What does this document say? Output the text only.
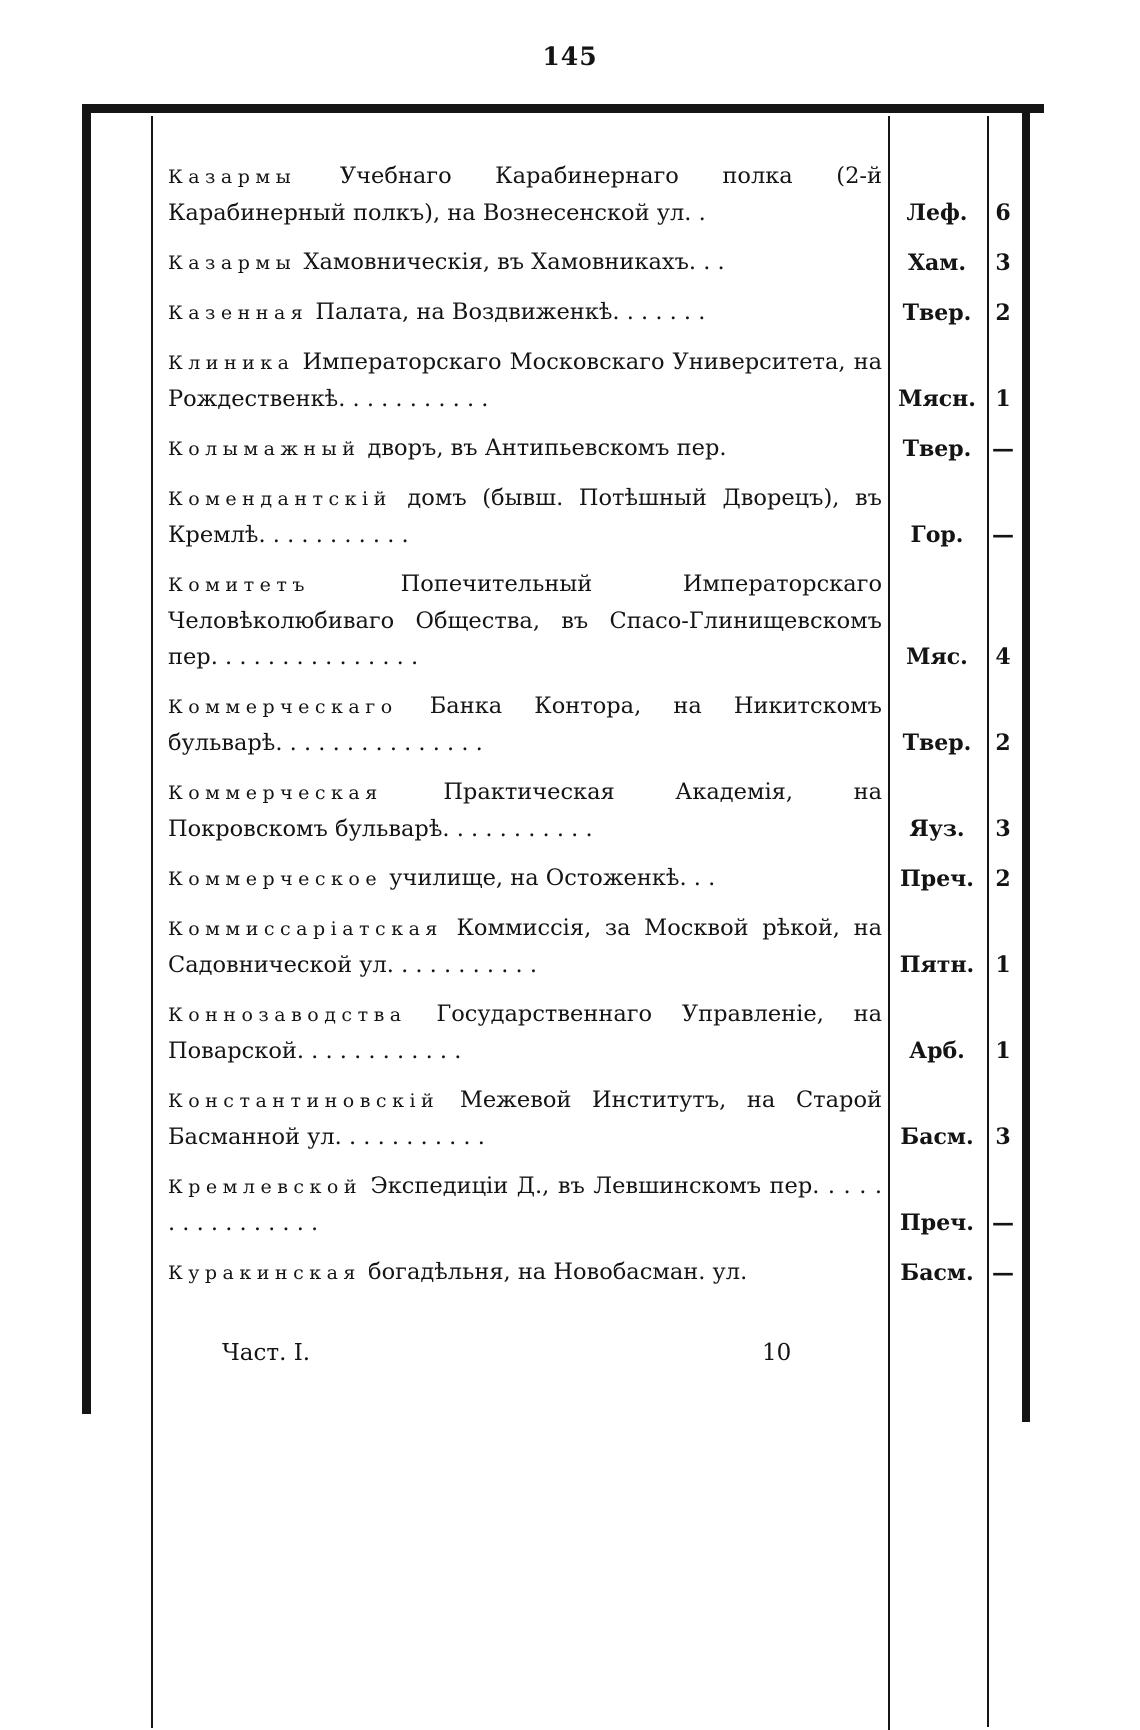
145
Казармы Учебнаго Карабинернаго полка (2-й Карабинерный полкъ), на Вознесенской ул. .	Леф.	6
Казармы Хамовническія, въ Хамовникахъ. . .	Хам.	3
Казенная Палата, на Воздвиженкѣ. . . . . . .	Твер.	2
Клиника Императорскаго Московскаго Университета, на Рождественкѣ. . . . . . . . . . .	Мясн. 1
Колымажный дворъ, въ Антипьевскомъ пер.	Твер. —
Комендантскій домъ (бывш. Потѣшный Дворецъ), въ Кремлѣ. . . . . . . . . . .	Гор.	—
Комитетъ Попечительный Императорскаго Человѣколюбиваго Общества, въ Спасо-Глинищевскомъ пер. . . . . . . . . . . . . . .	Мяс.	4
Коммерческаго Банка Контора, на Никитскомъ бульварѣ. . . . . . . . . . . . . . .	Твер.	2
Коммерческая Практическая Академія, на Покровскомъ бульварѣ. . . . . . . . . . .	Яуз.	3
Коммерческое училище, на Остоженкѣ. . .	Преч. 2
Коммиссаріатская Коммиссія, за Москвой рѣкой, на Садовнической ул. . . . . . . . . . .	Пятн. 1
Коннозаводства Государственнаго Управленіе, на Поварской. . . . . . . . . . . .	Арб.	1
Константиновскій Межевой Институтъ, на Старой Басманной ул. . . . . . . . . . .	Басм. 3
Кремлевской Экспедиціи Д., въ Левшинскомъ пер. . . . . . . . . . . . . . . .	Преч. —
Куракинская богадѣльня, на Новобасман. ул.	Басм. —
Част. I.	10
